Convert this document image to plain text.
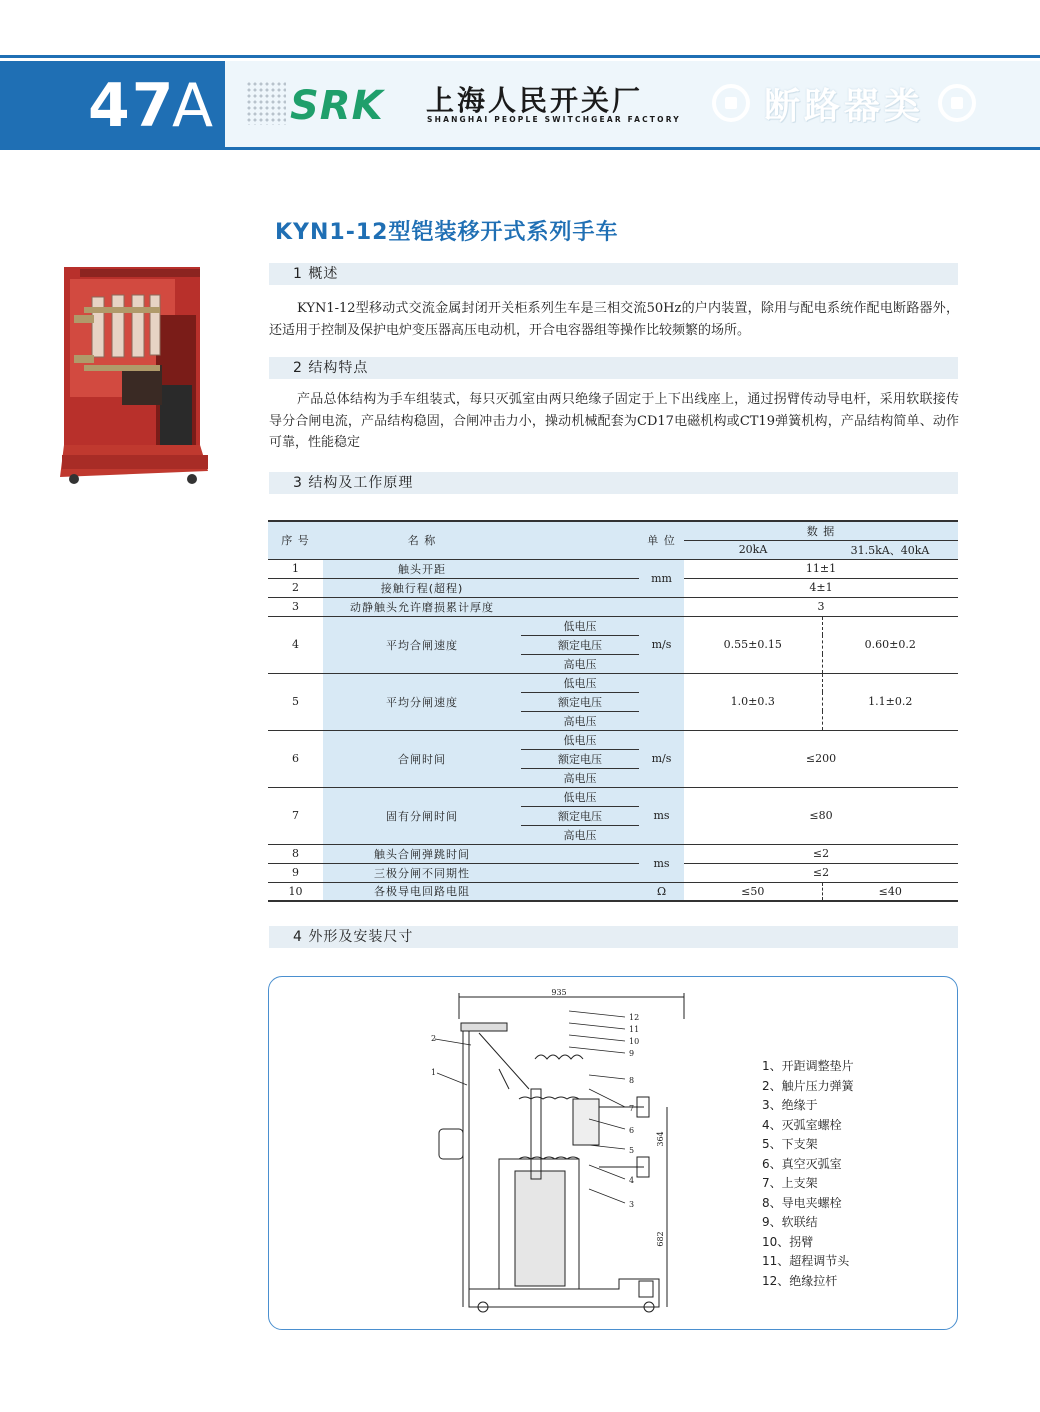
47
A SRK 上海人民开关厂
SHANGHAI PEOPLE SWITCHGEAR FACTORY 断路器类
KYN1-12型铠装移开式系列手车
1 概述

KYN1-12型移动式交流金属封闭开关柜系列生车是三相交流50Hz的户内装置，除用与配电系统作配电断路器外，还适用于控制及保护电炉变压器高压电动机，开合电容器组等操作比较频繁的场所。

2 结构特点

产品总体结构为手车组装式，每只灭弧室由两只绝缘子固定于上下出线座上，通过拐臂传动导电杆，采用软联接传导分合闸电流，产品结构稳固，合闸冲击力小，操动机械配套为CD17电磁机构或CT19弹簧机构，产品结构简单、动作可靠，性能稳定

3 结构及工作原理
序 号	名 称		单 位	数 据	
				20kA	31.5kA、40kA
1	触头开距		mm	11±1	
2	接触行程(超程)			4±1	
3	动静触头允许磨损累计厚度			3	
4	平均合闸速度	低电压	m/s	0.55±0.15	0.60±0.2
		额定电压			
		高电压			
5	平均分闸速度	低电压		1.0±0.3	1.1±0.2
		额定电压			
		高电压			
6	合闸时间	低电压	m/s	≤200	
		额定电压			
		高电压			
7	固有分闸时间	低电压	ms	≤80	
		额定电压			
		高电压			
8	触头合闸弹跳时间		ms	≤2	
9	三极分闸不同期性			≤2	
10	各极导电回路电阻		Ω	≤50	≤40
4 外形及安装尺寸
935
364
682
1
2
3
4
5
6
7
8
9
10
11
12
1、开距调整垫片
2、触片压力弹簧
3、绝缘于
4、灭弧室螺栓
5、下支架
6、真空灭弧室
7、上支架
8、导电夹螺栓
9、软联结
10、拐臂
11、超程调节头
12、绝缘拉杆
